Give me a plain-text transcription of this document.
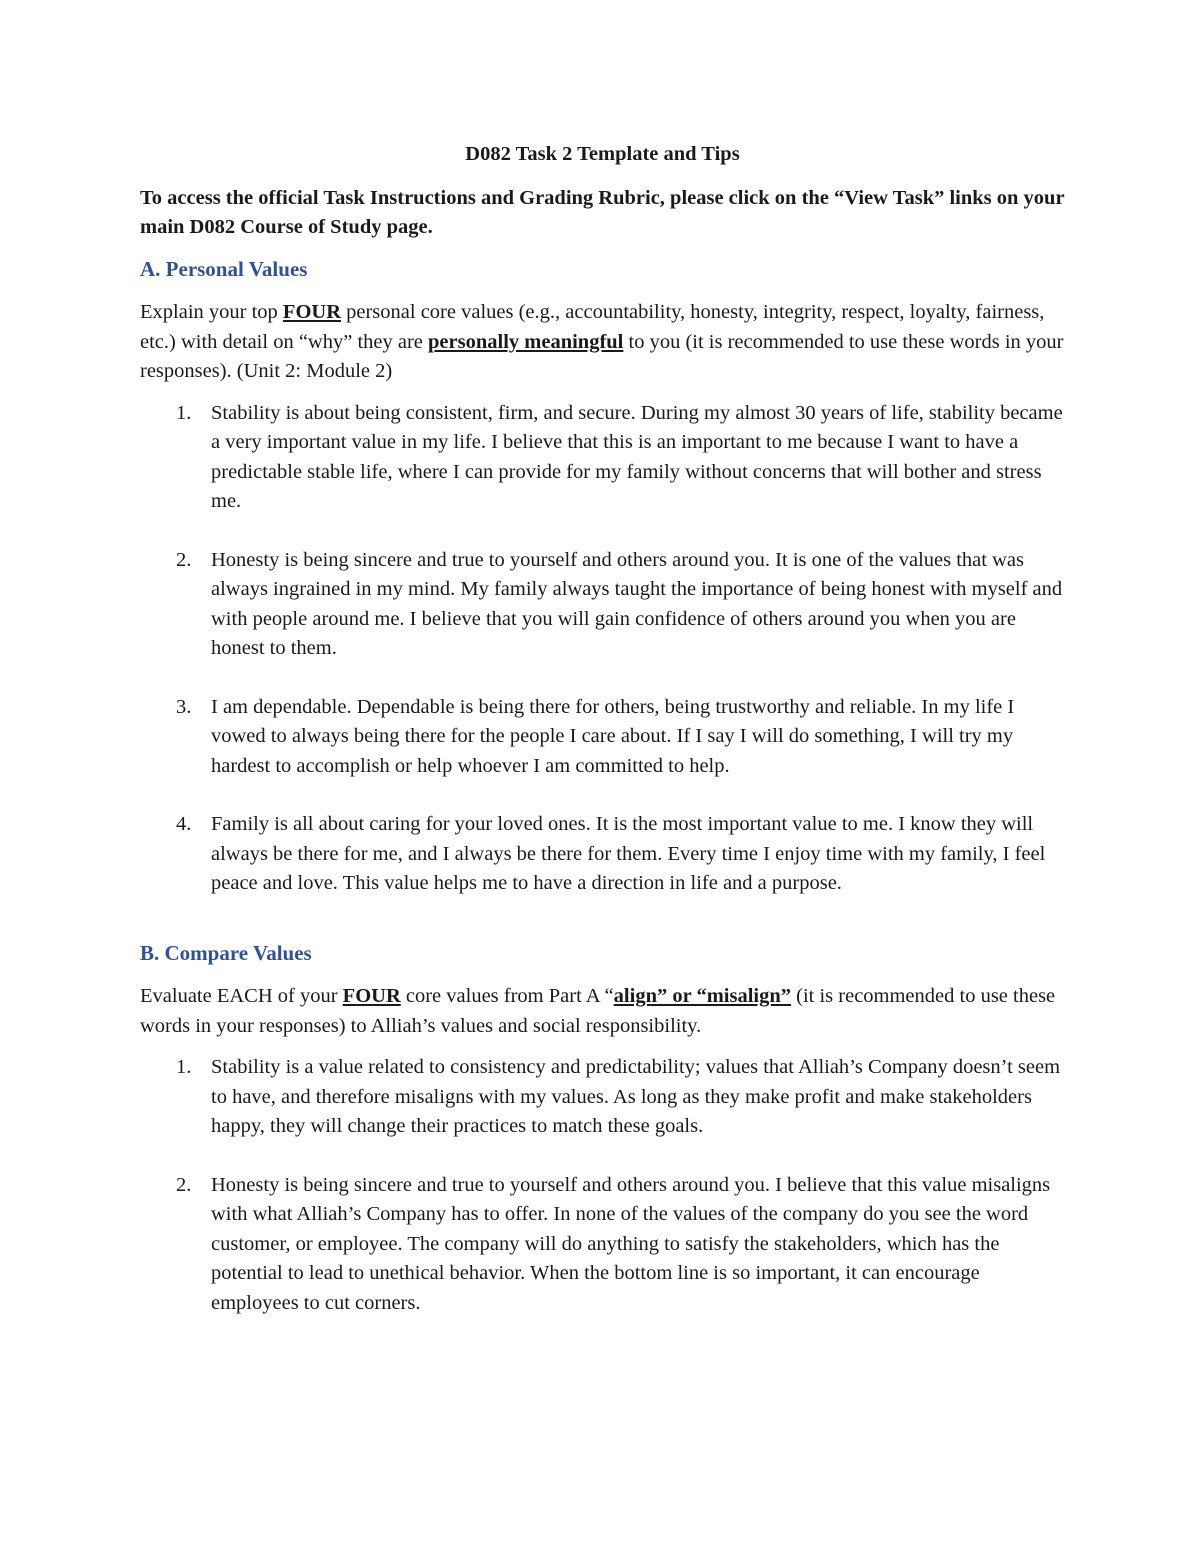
D082 Task 2 Template and Tips

To access the official Task Instructions and Grading Rubric, please click on the “View Task” links on your main D082 Course of Study page.

A. Personal Values

Explain your top FOUR personal core values (e.g., accountability, honesty, integrity, respect, loyalty, fairness, etc.) with detail on “why” they are personally meaningful to you (it is recommended to use these words in your responses). (Unit 2: Module 2)

1. Stability is about being consistent, firm, and secure. During my almost 30 years of life, stability became a very important value in my life. I believe that this is an important to me because I want to have a predictable stable life, where I can provide for my family without concerns that will bother and stress me.
2. Honesty is being sincere and true to yourself and others around you. It is one of the values that was always ingrained in my mind. My family always taught the importance of being honest with myself and with people around me. I believe that you will gain confidence of others around you when you are honest to them.
3. I am dependable. Dependable is being there for others, being trustworthy and reliable. In my life I vowed to always being there for the people I care about. If I say I will do something, I will try my hardest to accomplish or help whoever I am committed to help.
4. Family is all about caring for your loved ones. It is the most important value to me. I know they will always be there for me, and I always be there for them. Every time I enjoy time with my family, I feel peace and love. This value helps me to have a direction in life and a purpose.

B. Compare Values

Evaluate EACH of your FOUR core values from Part A “align” or “misalign” (it is recommended to use these words in your responses) to Alliah’s values and social responsibility.

1. Stability is a value related to consistency and predictability; values that Alliah’s Company doesn’t seem to have, and therefore misaligns with my values. As long as they make profit and make stakeholders happy, they will change their practices to match these goals.
2. Honesty is being sincere and true to yourself and others around you. I believe that this value misaligns with what Alliah’s Company has to offer. In none of the values of the company do you see the word customer, or employee. The company will do anything to satisfy the stakeholders, which has the potential to lead to unethical behavior. When the bottom line is so important, it can encourage employees to cut corners.
